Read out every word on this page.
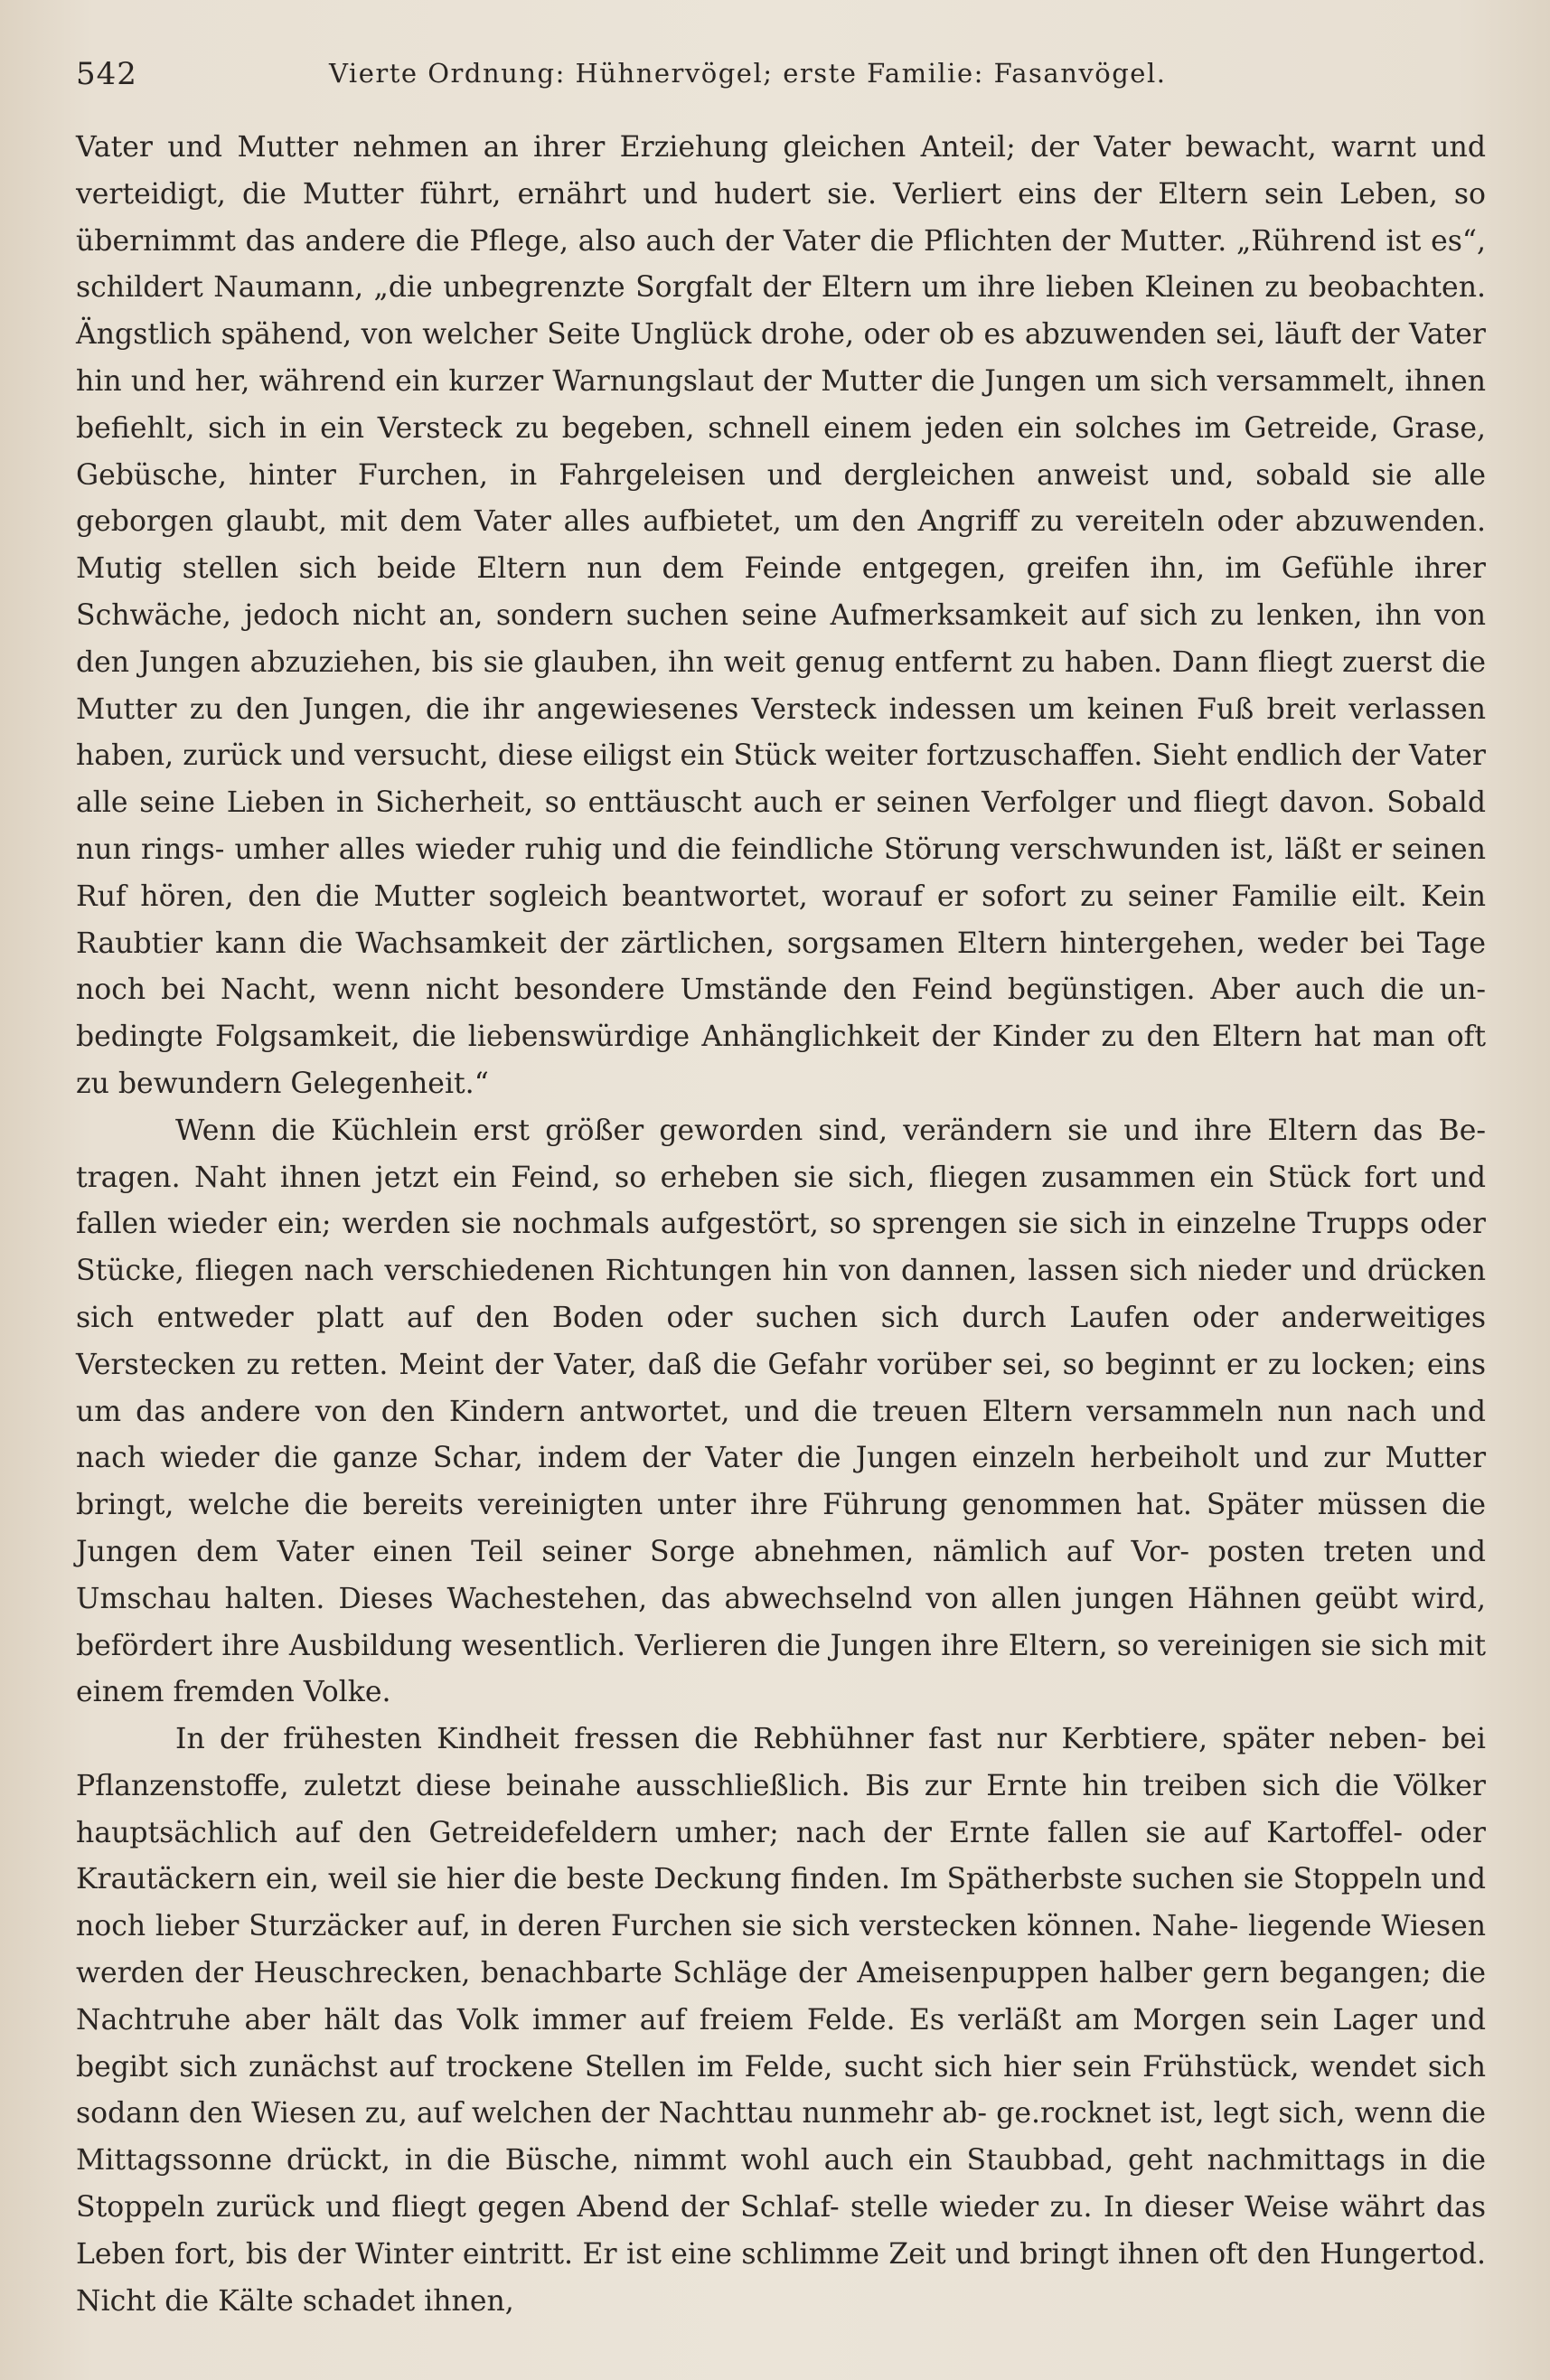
542	Vierte Ordnung: Hühnervögel; erste Familie: Fasanvögel.

Vater und Mutter nehmen an ihrer Erziehung gleichen Anteil; der Vater bewacht, warnt und verteidigt, die Mutter führt, ernährt und hudert sie. Verliert eins der Eltern sein Leben, so übernimmt das andere die Pflege, also auch der Vater die Pflichten der Mutter. „Rührend ist es“, schildert Naumann, „die unbegrenzte Sorgfalt der Eltern um ihre lieben Kleinen zu beobachten. Ängstlich spähend, von welcher Seite Unglück drohe, oder ob es abzuwenden sei, läuft der Vater hin und her, während ein kurzer Warnungslaut der Mutter die Jungen um sich versammelt, ihnen befiehlt, sich in ein Versteck zu begeben, schnell einem jeden ein solches im Getreide, Grase, Gebüsche, hinter Furchen, in Fahrgeleisen und dergleichen anweist und, sobald sie alle geborgen glaubt, mit dem Vater alles aufbietet, um den Angriff zu vereiteln oder abzuwenden. Mutig stellen sich beide Eltern nun dem Feinde entgegen, greifen ihn, im Gefühle ihrer Schwäche, jedoch nicht an, sondern suchen seine Aufmerksamkeit auf sich zu lenken, ihn von den Jungen abzuziehen, bis sie glauben, ihn weit genug entfernt zu haben. Dann fliegt zuerst die Mutter zu den Jungen, die ihr angewiesenes Versteck indessen um keinen Fuß breit verlassen haben, zurück und versucht, diese eiligst ein Stück weiter fortzuschaffen. Sieht endlich der Vater alle seine Lieben in Sicherheit, so enttäuscht auch er seinen Verfolger und fliegt davon. Sobald nun rings- umher alles wieder ruhig und die feindliche Störung verschwunden ist, läßt er seinen Ruf hören, den die Mutter sogleich beantwortet, worauf er sofort zu seiner Familie eilt. Kein Raubtier kann die Wachsamkeit der zärtlichen, sorgsamen Eltern hintergehen, weder bei Tage noch bei Nacht, wenn nicht besondere Umstände den Feind begünstigen. Aber auch die un- bedingte Folgsamkeit, die liebenswürdige Anhänglichkeit der Kinder zu den Eltern hat man oft zu bewundern Gelegenheit.“

Wenn die Küchlein erst größer geworden sind, verändern sie und ihre Eltern das Be- tragen. Naht ihnen jetzt ein Feind, so erheben sie sich, fliegen zusammen ein Stück fort und fallen wieder ein; werden sie nochmals aufgestört, so sprengen sie sich in einzelne Trupps oder Stücke, fliegen nach verschiedenen Richtungen hin von dannen, lassen sich nieder und drücken sich entweder platt auf den Boden oder suchen sich durch Laufen oder anderweitiges Verstecken zu retten. Meint der Vater, daß die Gefahr vorüber sei, so beginnt er zu locken; eins um das andere von den Kindern antwortet, und die treuen Eltern versammeln nun nach und nach wieder die ganze Schar, indem der Vater die Jungen einzeln herbeiholt und zur Mutter bringt, welche die bereits vereinigten unter ihre Führung genommen hat. Später müssen die Jungen dem Vater einen Teil seiner Sorge abnehmen, nämlich auf Vor- posten treten und Umschau halten. Dieses Wachestehen, das abwechselnd von allen jungen Hähnen geübt wird, befördert ihre Ausbildung wesentlich. Verlieren die Jungen ihre Eltern, so vereinigen sie sich mit einem fremden Volke.

In der frühesten Kindheit fressen die Rebhühner fast nur Kerbtiere, später neben- bei Pflanzenstoffe, zuletzt diese beinahe ausschließlich. Bis zur Ernte hin treiben sich die Völker hauptsächlich auf den Getreidefeldern umher; nach der Ernte fallen sie auf Kartoffel- oder Krautäckern ein, weil sie hier die beste Deckung finden. Im Spätherbste suchen sie Stoppeln und noch lieber Sturzäcker auf, in deren Furchen sie sich verstecken können. Nahe- liegende Wiesen werden der Heuschrecken, benachbarte Schläge der Ameisenpuppen halber gern begangen; die Nachtruhe aber hält das Volk immer auf freiem Felde. Es verläßt am Morgen sein Lager und begibt sich zunächst auf trockene Stellen im Felde, sucht sich hier sein Frühstück, wendet sich sodann den Wiesen zu, auf welchen der Nachttau nunmehr ab- ge.rocknet ist, legt sich, wenn die Mittagssonne drückt, in die Büsche, nimmt wohl auch ein Staubbad, geht nachmittags in die Stoppeln zurück und fliegt gegen Abend der Schlaf- stelle wieder zu. In dieser Weise währt das Leben fort, bis der Winter eintritt. Er ist eine schlimme Zeit und bringt ihnen oft den Hungertod. Nicht die Kälte schadet ihnen,
